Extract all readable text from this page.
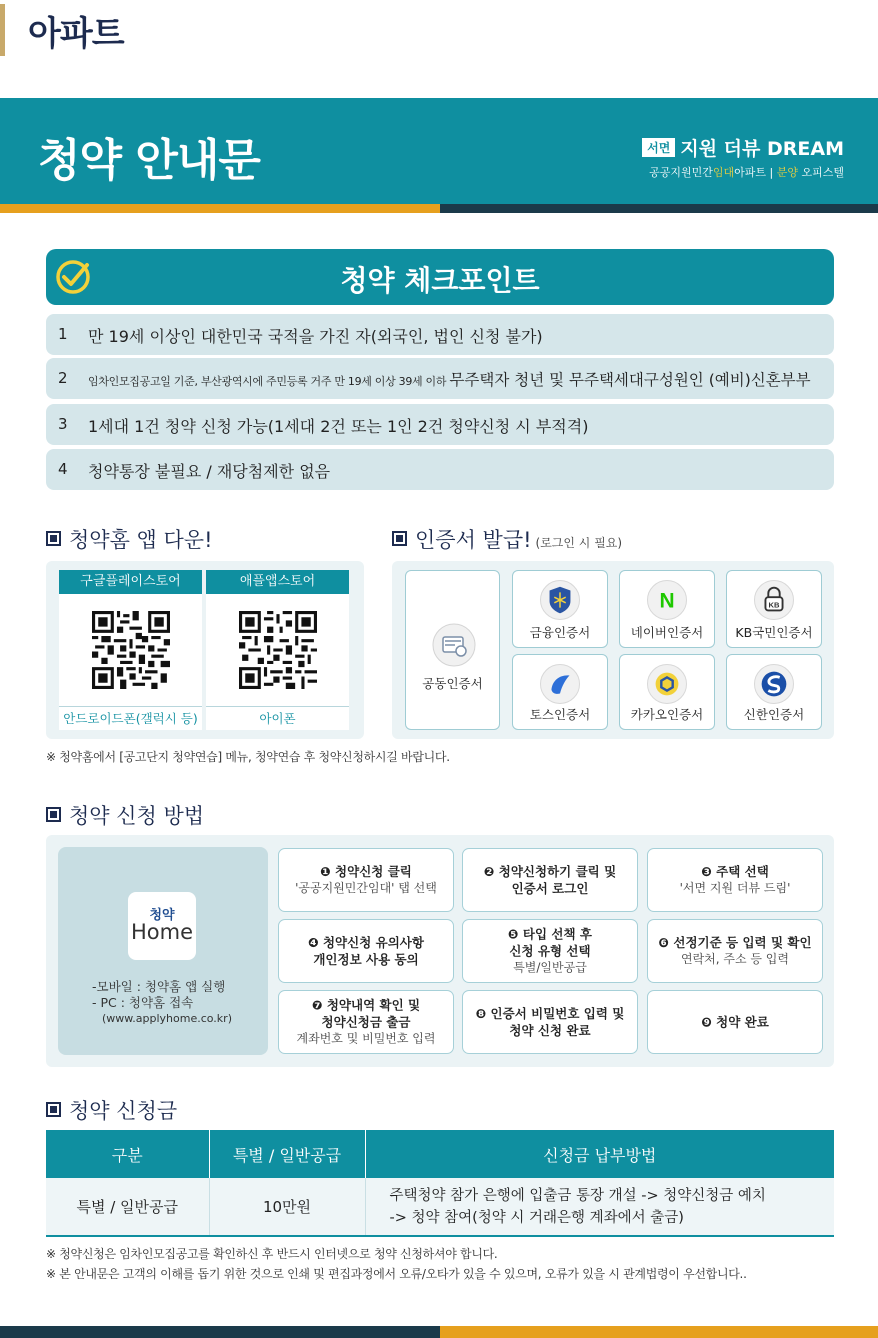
아파트
청약 안내문	서면 지원 더뷰 DREAM
공공지원민간임대아파트 | 분양 오피스텔
청약 체크포인트
1 만 19세 이상인 대한민국 국적을 가진 자(외국인, 법인 신청 불가)
2 임차인모집공고일 기준, 부산광역시에 주민등록 거주 만 19세 이상 39세 이하 무주택자 청년 및 무주택세대구성원인 (예비)신혼부부
3 1세대 1건 청약 신청 가능(1세대 2건 또는 1인 2건 청약신청 시 부적격)
4 청약통장 불필요 / 재당첨제한 없음
청약홈 앱 다운!	인증서 발급! (로그인 시 필요)
구글플레이스토어
안드로이드폰(갤럭시 등)
애플앱스토어
아이폰
공동인증서
금융인증서
N
네이버인증서
KB
KB국민인증서
토스인증서	카카오인증서	신한인증서
※ 청약홈에서 [공고단지 청약연습] 메뉴, 청약연습 후 청약신청하시길 바랍니다.
청약 신청 방법
청약
Home
-모바일 : 청약홈 앱 실행
- PC : 청약홈 접속
(www.applyhome.co.kr)
❶ 청약신청 클릭
'공공지원민간임대' 탭 선택
❷ 청약신청하기 클릭 및
인증서 로그인
❸ 주택 선택
'서면 지원 더뷰 드림'
❹ 청약신청 유의사항
개인정보 사용 동의
❺ 타입 선책 후
신청 유형 선택
특별/일반공급
❻ 선정기준 등 입력 및 확인
연락처, 주소 등 입력
❼ 청약내역 확인 및
청약신청금 출금
계좌번호 및 비밀번호 입력
❽ 인증서 비밀번호 입력 및
청약 신청 완료
❾ 청약 완료
청약 신청금
구분	특별 / 일반공급	신청금 납부방법
특별 / 일반공급	10만원	주택청약 참가 은행에 입출금 통장 개설 -> 청약신청금 예치
-> 청약 참여(청약 시 거래은행 계좌에서 출금)
※ 청약신청은 임차인모집공고를 확인하신 후 반드시 인터넷으로 청약 신청하셔야 합니다.
※ 본 안내문은 고객의 이해를 돕기 위한 것으로 인쇄 및 편집과정에서 오류/오타가 있을 수 있으며, 오류가 있을 시 관계법령이 우선합니다..
